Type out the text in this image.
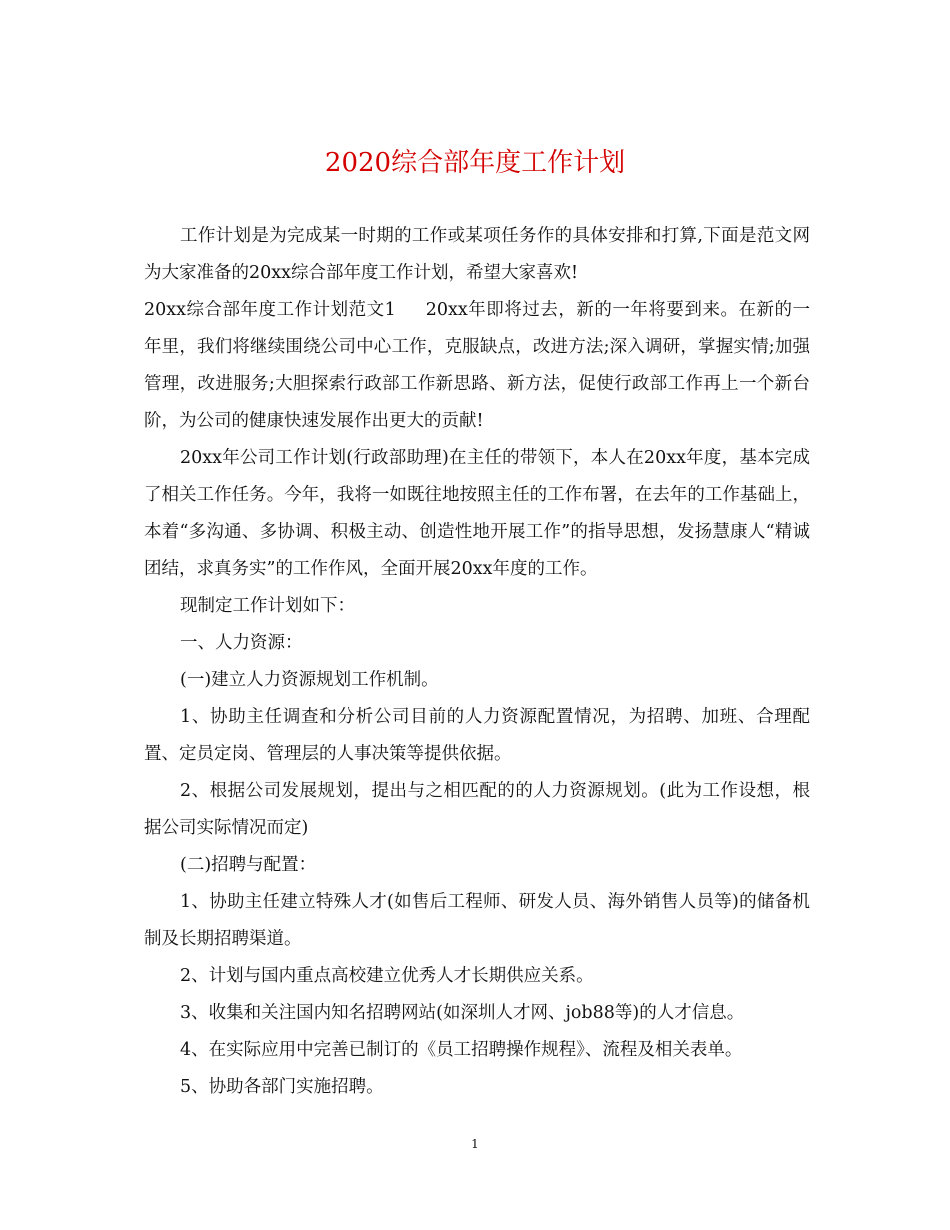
2020综合部年度工作计划

工作计划是为完成某一时期的工作或某项任务作的具体安排和打算,下面是范文网为大家准备的20xx综合部年度工作计划，希望大家喜欢!

20xx综合部年度工作计划范文1 20xx年即将过去，新的一年将要到来。在新的一年里，我们将继续围绕公司中心工作，克服缺点，改进方法;深入调研，掌握实情;加强管理，改进服务;大胆探索行政部工作新思路、新方法，促使行政部工作再上一个新台阶，为公司的健康快速发展作出更大的贡献!

20xx年公司工作计划(行政部助理)在主任的带领下，本人在20xx年度，基本完成了相关工作任务。今年，我将一如既往地按照主任的工作布署，在去年的工作基础上，本着“多沟通、多协调、积极主动、创造性地开展工作”的指导思想，发扬慧康人“精诚团结，求真务实”的工作作风，全面开展20xx年度的工作。

现制定工作计划如下：

一、人力资源：

(一)建立人力资源规划工作机制。

1、协助主任调查和分析公司目前的人力资源配置情况，为招聘、加班、合理配置、定员定岗、管理层的人事决策等提供依据。

2、根据公司发展规划，提出与之相匹配的的人力资源规划。(此为工作设想，根据公司实际情况而定)

(二)招聘与配置：

1、协助主任建立特殊人才(如售后工程师、研发人员、海外销售人员等)的储备机制及长期招聘渠道。

2、计划与国内重点高校建立优秀人才长期供应关系。

3、收集和关注国内知名招聘网站(如深圳人才网、job88等)的人才信息。

4、在实际应用中完善已制订的《员工招聘操作规程》、流程及相关表单。

5、协助各部门实施招聘。

1
